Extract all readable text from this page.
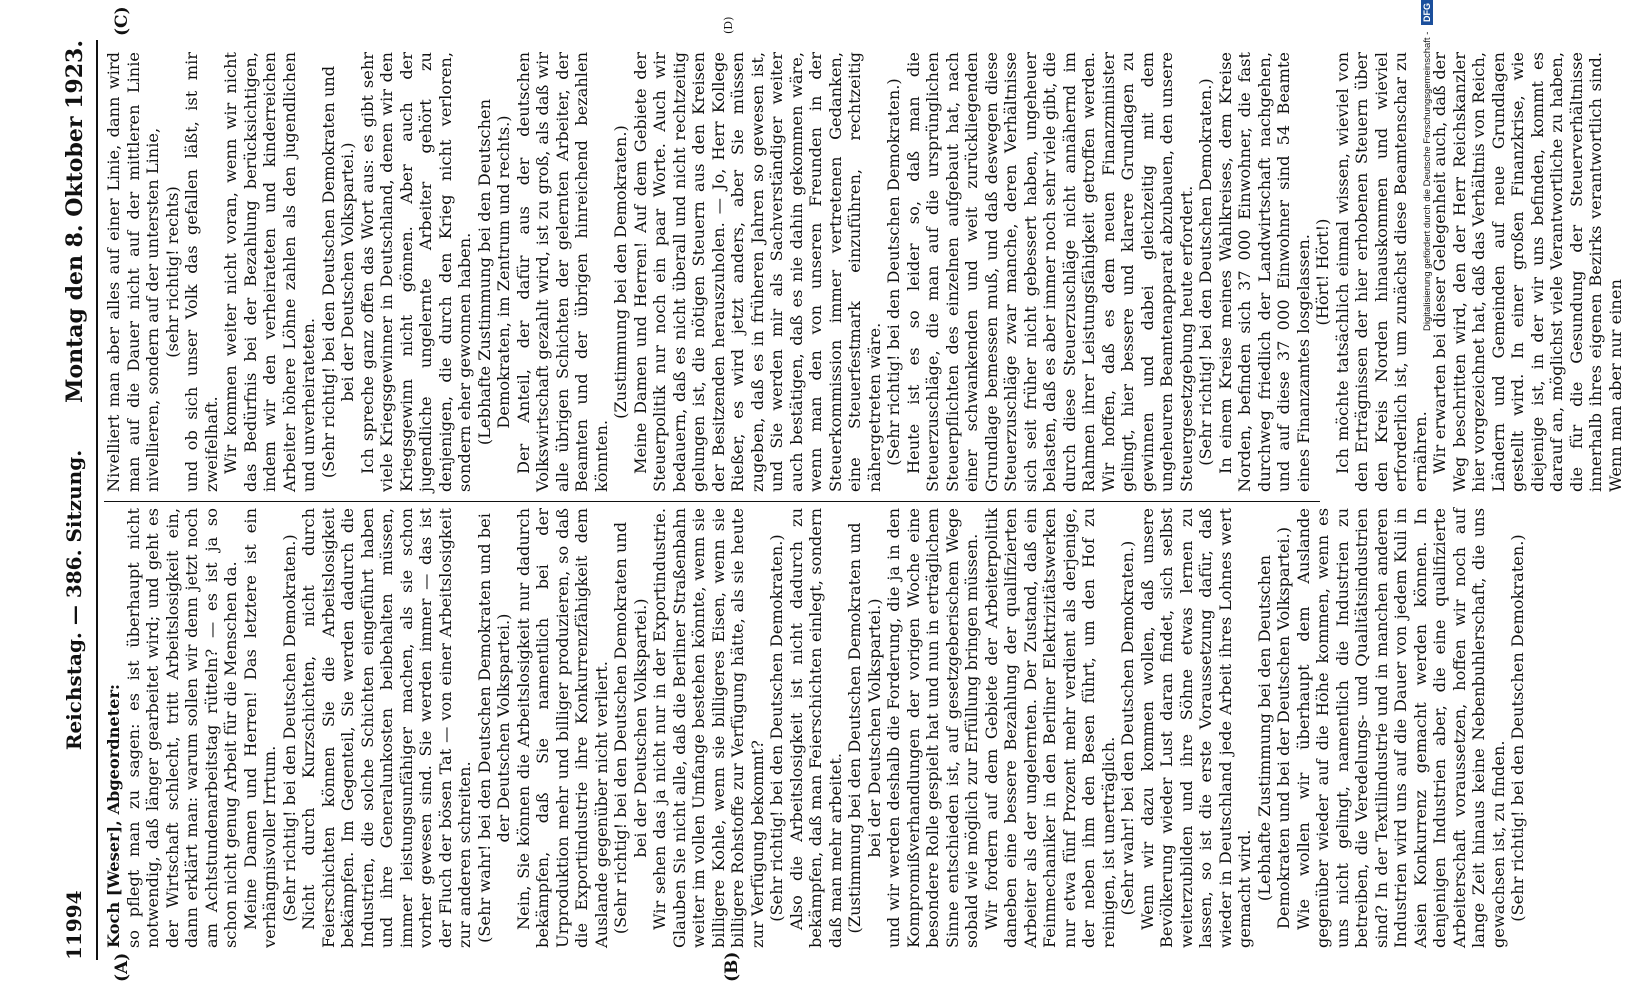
11994
Reichstag. — 386. Sitzung.
Montag den 8. Oktober 1923.
(A)	(B)
(C)	(D)

Koch [Weser], Abgeordneter: so pflegt man zu sagen: es ist überhaupt nicht notwendig, daß länger gearbeitet wird; und geht es der Wirtschaft schlecht, tritt Arbeitslosigkeit ein, dann erklärt man: warum sollen wir denn jetzt noch am Achtstundenarbeitstag rütteln? — es ist ja so schon nicht genug Arbeit für die Menschen da. Meine Damen und Herren! Das letztere ist ein verhängnisvoller Irrtum. (Sehr richtig! bei den Deutschen Demokraten.) Nicht durch Kurzschichten, nicht durch Feierschichten können Sie die Arbeitslosigkeit bekämpfen. Im Gegenteil, Sie werden dadurch die Industrien, die solche Schichten eingeführt haben und ihre Generalunkosten beibehalten müssen, immer leistungsunfähiger machen, als sie schon vorher gewesen sind. Sie werden immer — das ist der Fluch der bösen Tat — von einer Arbeitslosigkeit zur anderen schreiten. (Sehr wahr! bei den Deutschen Demokraten und bei der Deutschen Volkspartei.) Nein, Sie können die Arbeitslosigkeit nur dadurch bekämpfen, daß Sie namentlich bei der Urproduktion mehr und billiger produzieren, so daß die Exportindustrie ihre Konkurrenzfähigkeit dem Auslande gegenüber nicht verliert. (Sehr richtig! bei den Deutschen Demokraten und bei der Deutschen Volkspartei.) Wir sehen das ja nicht nur in der Exportindustrie. Glauben Sie nicht alle, daß die Berliner Straßenbahn weiter im vollen Umfange bestehen könnte, wenn sie billigere Kohle, wenn sie billigeres Eisen, wenn sie billigere Rohstoffe zur Verfügung hätte, als sie heute zur Verfügung bekommt? (Sehr richtig! bei den Deutschen Demokraten.) Also die Arbeitslosigkeit ist nicht dadurch zu bekämpfen, daß man Feierschichten einlegt, sondern daß man mehr arbeitet. (Zustimmung bei den Deutschen Demokraten und bei der Deutschen Volkspartei.) und wir werden deshalb die Forderung, die ja in den Kompromißverhandlungen der vorigen Woche eine besondere Rolle gespielt hat und nun in erträglichem Sinne entschieden ist, auf gesetzgeberischem Wege sobald wie möglich zur Erfüllung bringen müssen. Wir fordern auf dem Gebiete der Arbeiterpolitik daneben eine bessere Bezahlung der qualifizierten Arbeiter als der ungelernten. Der Zustand, daß ein Feinmechaniker in den Berliner Elektrizitätswerken nur etwa fünf Prozent mehr verdient als derjenige, der neben ihm den Besen führt, um den Hof zu reinigen, ist unerträglich. (Sehr wahr! bei den Deutschen Demokraten.) Wenn wir dazu kommen wollen, daß unsere Bevölkerung wieder Lust daran findet, sich selbst weiterzubilden und ihre Söhne etwas lernen zu lassen, so ist die erste Voraussetzung dafür, daß wieder in Deutschland jede Arbeit ihres Lohnes wert gemacht wird. (Lebhafte Zustimmung bei den Deutschen Demokraten und bei der Deutschen Volkspartei.) Wie wollen wir überhaupt dem Auslande gegenüber wieder auf die Höhe kommen, wenn es uns nicht gelingt, namentlich die Industrien zu betreiben, die Veredelungs- und Qualitätsindustrien sind? In der Textilindustrie und in manchen anderen Industrien wird uns auf die Dauer von jedem Kuli in Asien Konkurrenz gemacht werden können. In denjenigen Industrien aber, die eine qualifizierte Arbeiterschaft voraussetzen, hoffen wir noch auf lange Zeit hinaus keine Nebenbuhlerschaft, die uns gewachsen ist, zu finden. (Sehr richtig! bei den Deutschen Demokraten.)

Nivelliert man aber alles auf einer Linie, dann wird man auf die Dauer nicht auf der mittleren Linie nivellieren, sondern auf der untersten Linie, (sehr richtig! rechts) und ob sich unser Volk das gefallen läßt, ist mir zweifelhaft. Wir kommen weiter nicht voran, wenn wir nicht das Bedürfnis bei der Bezahlung berücksichtigen, indem wir den verheirateten und kinderreichen Arbeiter höhere Löhne zahlen als den jugendlichen und unverheirateten. (Sehr richtig! bei den Deutschen Demokraten und bei der Deutschen Volkspartei.) Ich spreche ganz offen das Wort aus: es gibt sehr viele Kriegsgewinner in Deutschland, denen wir den Kriegsgewinn nicht gönnen. Aber auch der jugendliche ungelernte Arbeiter gehört zu denjenigen, die durch den Krieg nicht verloren, sondern eher gewonnen haben. (Lebhafte Zustimmung bei den Deutschen Demokraten, im Zentrum und rechts.) Der Anteil, der dafür aus der deutschen Volkswirtschaft gezahlt wird, ist zu groß, als daß wir alle übrigen Schichten der gelernten Arbeiter, der Beamten und der übrigen hinreichend bezahlen könnten.

(Zustimmung bei den Demokraten.) Meine Damen und Herren! Auf dem Gebiete der Steuerpolitik nur noch ein paar Worte. Auch wir bedauern, daß es nicht überall und nicht rechtzeitig gelungen ist, die nötigen Steuern aus den Kreisen der Besitzenden herauszuholen. — Jo, Herr Kollege Rießer, es wird jetzt anders, aber Sie müssen zugeben, daß es in früheren Jahren so gewesen ist, und Sie werden mir als Sachverständiger weiter auch bestätigen, daß es nie dahin gekommen wäre, wenn man den von unseren Freunden in der Steuerkommission immer vertretenen Gedanken, eine Steuerfestmark einzuführen, rechtzeitig nähergetreten wäre. (Sehr richtig! bei den Deutschen Demokraten.) Heute ist es so leider so, daß man die Steuerzuschläge, die man auf die ursprünglichen Steuerpflichten des einzelnen aufgebaut hat, nach einer schwankenden und weit zurückliegenden Grundlage bemessen muß, und daß deswegen diese Steuerzuschläge zwar manche, deren Verhältnisse sich seit früher nicht gebessert haben, ungeheuer belasten, daß es aber immer noch sehr viele gibt, die durch diese Steuerzuschläge nicht annähernd im Rahmen ihrer Leistungsfähigkeit getroffen werden. Wir hoffen, daß es dem neuen Finanzminister gelingt, hier bessere und klarere Grundlagen zu gewinnen und dabei gleichzeitig mit dem ungeheuren Beamtenapparat abzubauen, den unsere Steuergesetzgebung heute erfordert. (Sehr richtig! bei den Deutschen Demokraten.) In einem Kreise meines Wahlkreises, dem Kreise Norden, befinden sich 37 000 Einwohner, die fast durchweg friedlich der Landwirtschaft nachgehen, und auf diese 37 000 Einwohner sind 54 Beamte eines Finanzamtes losgelassen. (Hört! Hört!) Ich möchte tatsächlich einmal wissen, wieviel von den Erträgnissen der hier erhobenen Steuern über den Kreis Norden hinauskommen und wieviel erforderlich ist, um zunächst diese Beamtenschar zu ernähren. Wir erwarten bei dieser Gelegenheit auch, daß der Weg beschritten wird, den der Herr Reichskanzler hier vorgezeichnet hat, daß das Verhältnis von Reich, Ländern und Gemeinden auf neue Grundlagen gestellt wird. In einer großen Finanzkrise, wie diejenige ist, in der wir uns befinden, kommt es darauf an, möglichst viele Verantwortliche zu haben, die für die Gesundung der Steuerverhältnisse innerhalb ihres eigenen Bezirks verantwortlich sind. Wenn man aber nur einen

Digitalisierung gefördert durch die Deutsche Forschungsgemeinschaft - DFG
